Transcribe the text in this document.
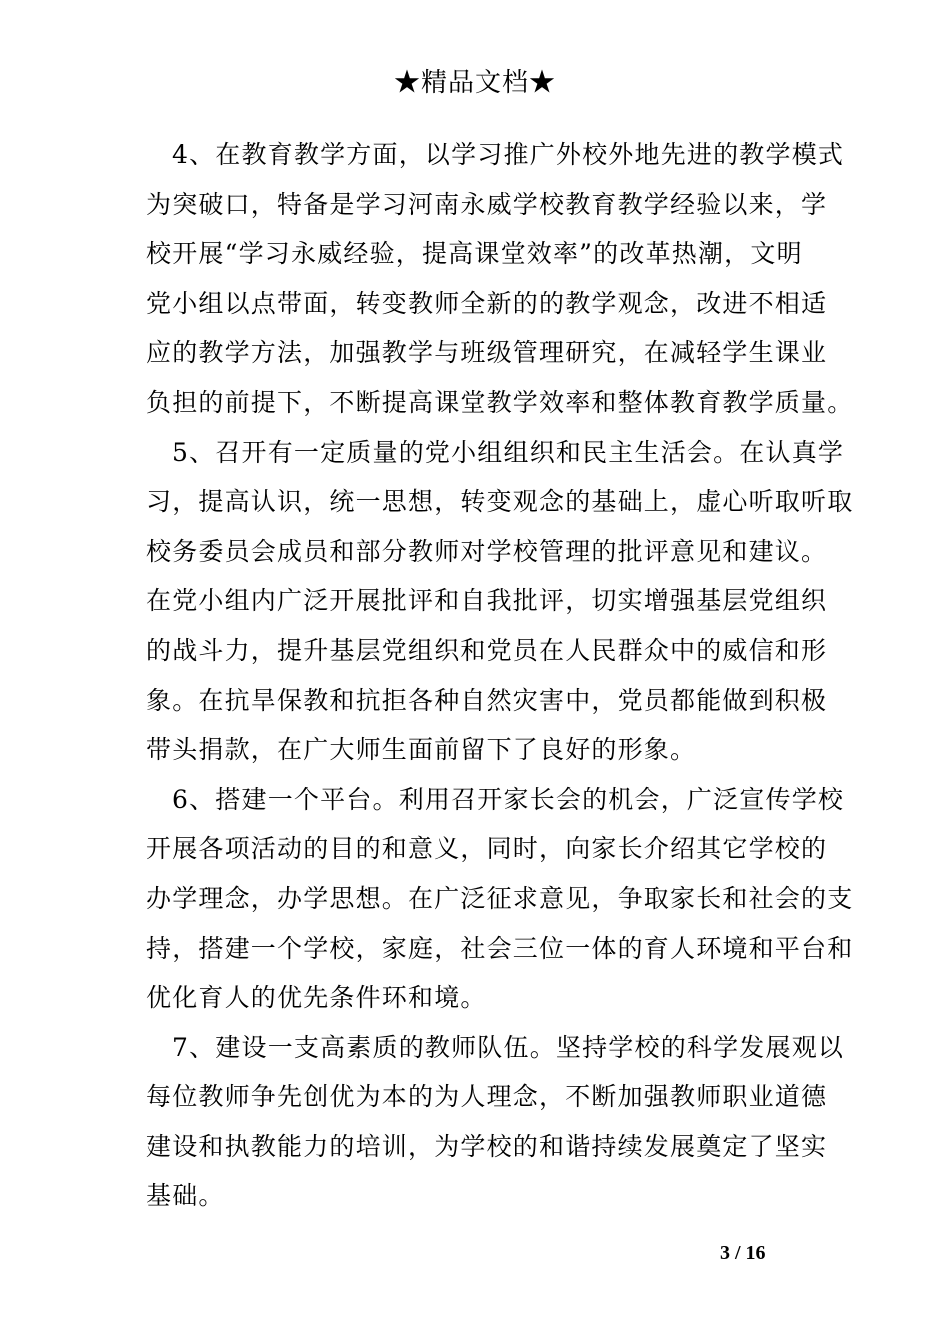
★精品文档★
4、在教育教学方面，以学习推广外校外地先进的教学模式
为突破口，特备是学习河南永威学校教育教学经验以来，学
校开展“学习永威经验，提高课堂效率”的改革热潮，文明
党小组以点带面，转变教师全新的的教学观念，改进不相适
应的教学方法，加强教学与班级管理研究，在减轻学生课业
负担的前提下，不断提高课堂教学效率和整体教育教学质量。
5、召开有一定质量的党小组组织和民主生活会。在认真学
习，提高认识，统一思想，转变观念的基础上，虚心听取听取
校务委员会成员和部分教师对学校管理的批评意见和建议。
在党小组内广泛开展批评和自我批评，切实增强基层党组织
的战斗力，提升基层党组织和党员在人民群众中的威信和形
象。在抗旱保教和抗拒各种自然灾害中，党员都能做到积极
带头捐款，在广大师生面前留下了良好的形象。
6、搭建一个平台。利用召开家长会的机会，广泛宣传学校
开展各项活动的目的和意义，同时，向家长介绍其它学校的
办学理念，办学思想。在广泛征求意见，争取家长和社会的支
持，搭建一个学校，家庭，社会三位一体的育人环境和平台和
优化育人的优先条件环和境。
7、建设一支高素质的教师队伍。坚持学校的科学发展观以
每位教师争先创优为本的为人理念，不断加强教师职业道德
建设和执教能力的培训，为学校的和谐持续发展奠定了坚实
基础。
3 / 16
